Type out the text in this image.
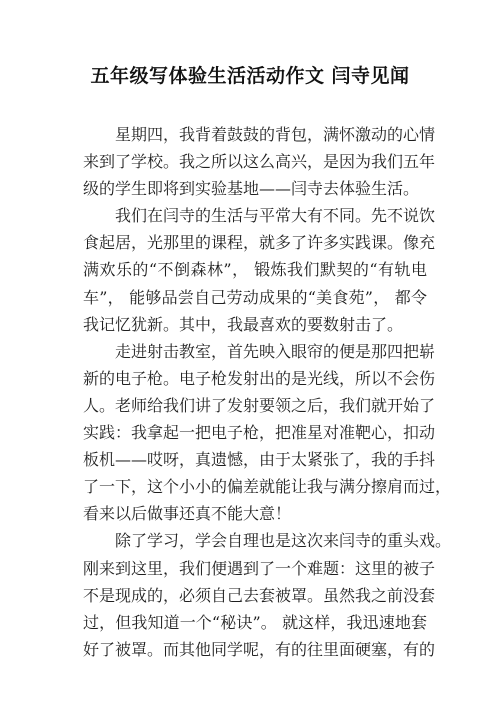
五年级写体验生活活动作文 闫寺见闻

星期四，我背着鼓鼓的背包，满怀激动的心情
来到了学校。我之所以这么高兴，是因为我们五年
级的学生即将到实验基地——闫寺去体验生活。

我们在闫寺的生活与平常大有不同。先不说饮
食起居，光那里的课程，就多了许多实践课。像充
满欢乐的“不倒森林”， 锻炼我们默契的“有轨电
车”， 能够品尝自己劳动成果的“美食苑”， 都令
我记忆犹新。其中，我最喜欢的要数射击了。

走进射击教室，首先映入眼帘的便是那四把崭
新的电子枪。电子枪发射出的是光线，所以不会伤
人。老师给我们讲了发射要领之后，我们就开始了
实践：我拿起一把电子枪，把准星对准靶心，扣动
板机——哎呀，真遗憾，由于太紧张了，我的手抖
了一下，这个小小的偏差就能让我与满分擦肩而过，
看来以后做事还真不能大意！

除了学习，学会自理也是这次来闫寺的重头戏。
刚来到这里，我们便遇到了一个难题：这里的被子
不是现成的，必须自己去套被罩。虽然我之前没套
过，但我知道一个“秘诀”。 就这样，我迅速地套
好了被罩。而其他同学呢，有的往里面硬塞，有的
